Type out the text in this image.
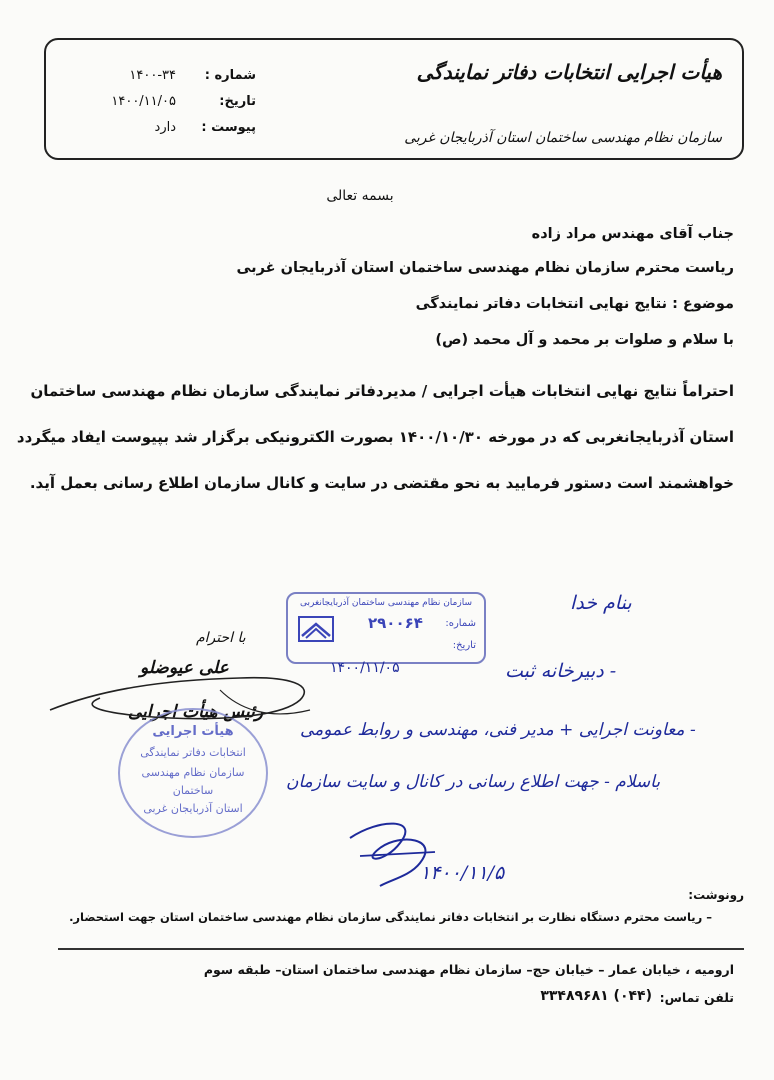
هیأت اجرایی انتخابات دفاتر نمایندگی
سازمان نظام مهندسی ساختمان استان آذربایجان غربی
شماره :
۱۴۰۰-۳۴
تاریخ:
۱۴۰۰/۱۱/۰۵
پیوست :
دارد
بسمه تعالی
جناب آقای مهندس مراد زاده
ریاست محترم سازمان نظام مهندسی ساختمان استان آذربایجان غربی
موضوع : نتایج نهایی انتخابات دفاتر نمایندگی
با سلام و صلوات بر محمد و آل محمد (ص)
احتراماً نتایج نهایی انتخابات هیأت اجرایی / مدیردفاتر نمایندگی سازمان نظام مهندسی ساختمان
استان آذربایجانغربی که در مورخه ۱۴۰۰/۱۰/۳۰ بصورت الکترونیکی برگزار شد بپیوست ایفاد میگردد
خواهشمند است دستور فرمایید به نحو مقتضی در سایت و کانال سازمان اطلاع رسانی بعمل آید.
سازمان نظام مهندسی ساختمان آذربایجانغربی
شماره:
۲۹۰۰۶۴
تاریخ:
۱۴۰۰/۱۱/۰۵
با احترام
علی عیوضلو
رئیس هیأت اجرایی
هیأت اجرایی
انتخابات دفاتر نمایندگی
سازمان نظام مهندسی
ساختمان
استان آذربایجان غربی
بنام خدا
- دبیرخانه ثبت
- معاونت اجرایی + مدیر فنی، مهندسی و روابط عمومی
باسلام - جهت اطلاع رسانی در کانال و سایت سازمان
۱۴۰۰/۱۱/۵
رونوشت:
– ریاست محترم دستگاه نظارت بر انتخابات دفاتر نمایندگی سازمان نظام مهندسی ساختمان استان جهت استحضار.
ارومیه ، خیابان عمار – خیابان حج– سازمان نظام مهندسی ساختمان استان– طبقه سوم
تلفن تماس:
۳۳۴۸۹۶۸۱ (۰۴۴)
